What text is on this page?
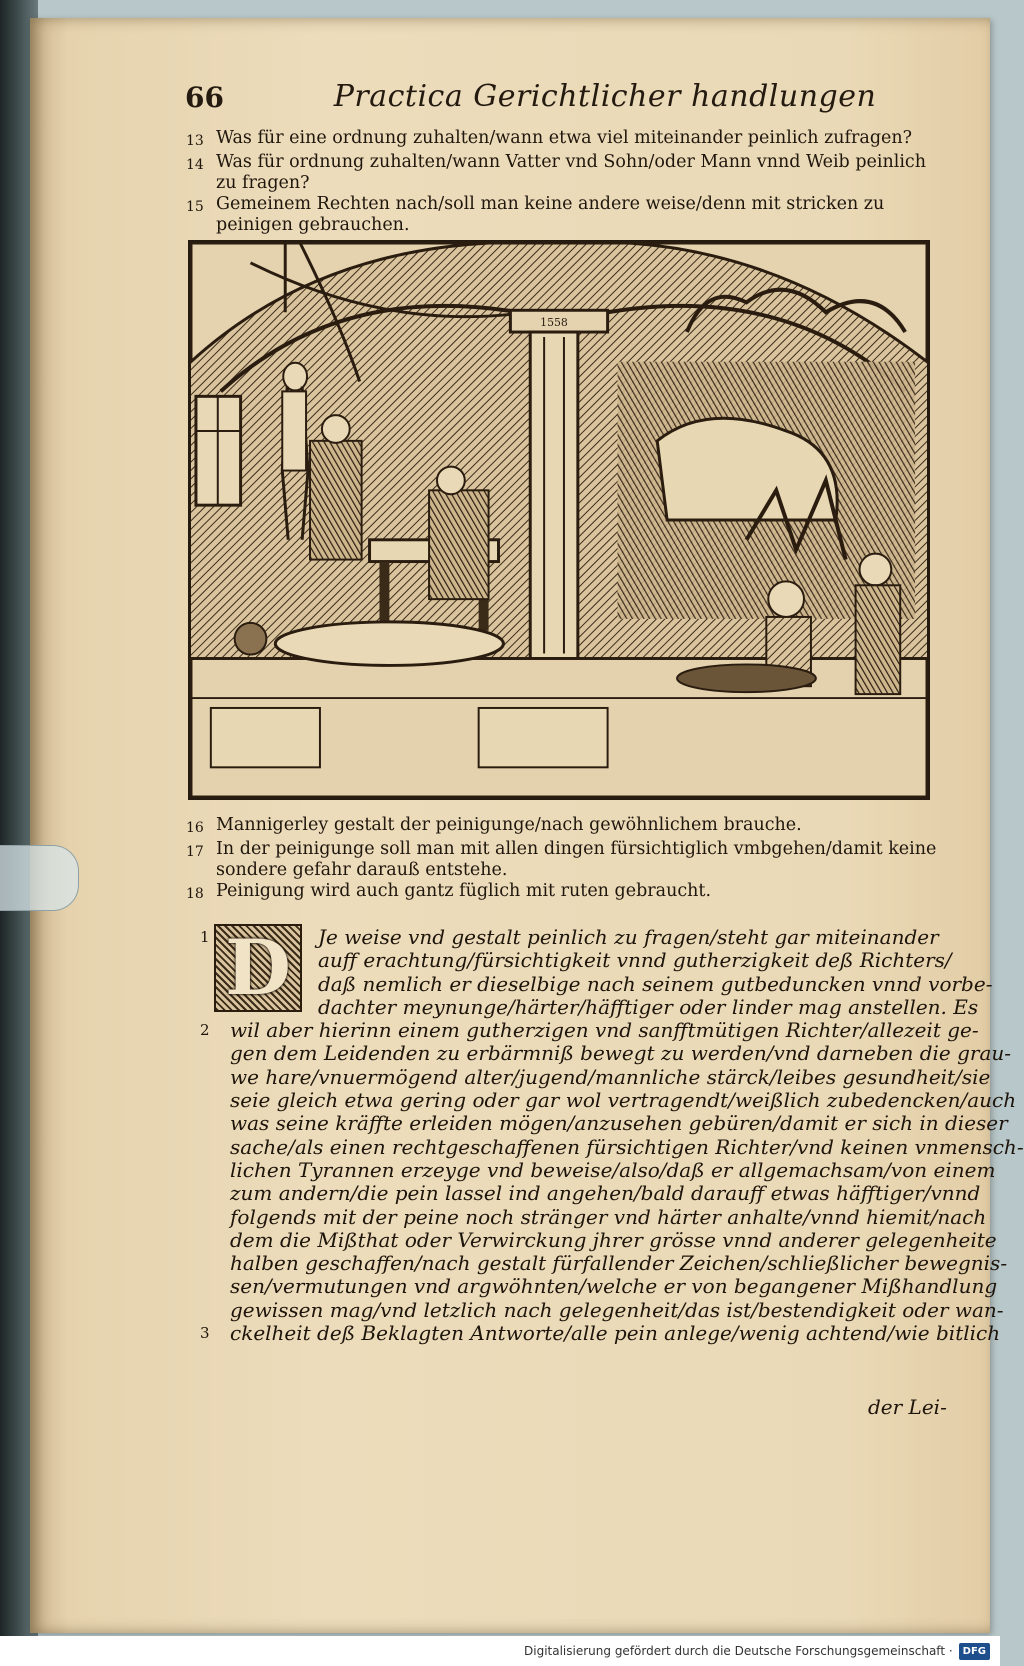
66	Practica Gerichtlicher handlungen
13 Was für eine ordnung zuhalten/wann etwa viel miteinander peinlich zufragen?
14 Was für ordnung zuhalten/wann Vatter vnd Sohn/oder Mann vnnd Weib peinlich zu fragen?
15 Gemeinem Rechten nach/soll man keine andere weise/denn mit stricken zu peinigen gebrauchen.
1558
16 Mannigerley gestalt der peinigunge/nach gewöhnlichem brauche.
17 In der peinigunge soll man mit allen dingen fürsichtiglich vmbgehen/damit keine sondere gefahr darauß entstehe.
18 Peinigung wird auch gantz füglich mit ruten gebraucht.
D
1
2
3
Je weise vnd gestalt peinlich zu fragen/steht gar miteinander
auff erachtung/fürsichtigkeit vnnd gutherzigkeit deß Richters/
daß nemlich er dieselbige nach seinem gutbeduncken vnnd vorbe-
dachter meynunge/härter/häfftiger oder linder mag anstellen. Es
wil aber hierinn einem gutherzigen vnd sanfftmütigen Richter/allezeit ge-
gen dem Leidenden zu erbärmniß bewegt zu werden/vnd darneben die grau-
we hare/vnuermögend alter/jugend/mannliche stärck/leibes gesundheit/sie
seie gleich etwa gering oder gar wol vertragendt/weißlich zubedencken/auch
was seine kräffte erleiden mögen/anzusehen gebüren/damit er sich in dieser
sache/als einen rechtgeschaffenen fürsichtigen Richter/vnd keinen vnmensch-
lichen Tyrannen erzeyge vnd beweise/also/daß er allgemachsam/von einem
zum andern/die pein lassel ind angehen/bald darauff etwas häfftiger/vnnd
folgends mit der peine noch stränger vnd härter anhalte/vnnd hiemit/nach
dem die Mißthat oder Verwirckung jhrer grösse vnnd anderer gelegenheite
halben geschaffen/nach gestalt fürfallender Zeichen/schließlicher bewegnis-
sen/vermutungen vnd argwöhnten/welche er von begangener Mißhandlung
gewissen mag/vnd letzlich nach gelegenheit/das ist/bestendigkeit oder wan-
ckelheit deß Beklagten Antworte/alle pein anlege/wenig achtend/wie bitlich
der Lei-
Digitalisierung gefördert durch die Deutsche Forschungsgemeinschaft ·	DFG
